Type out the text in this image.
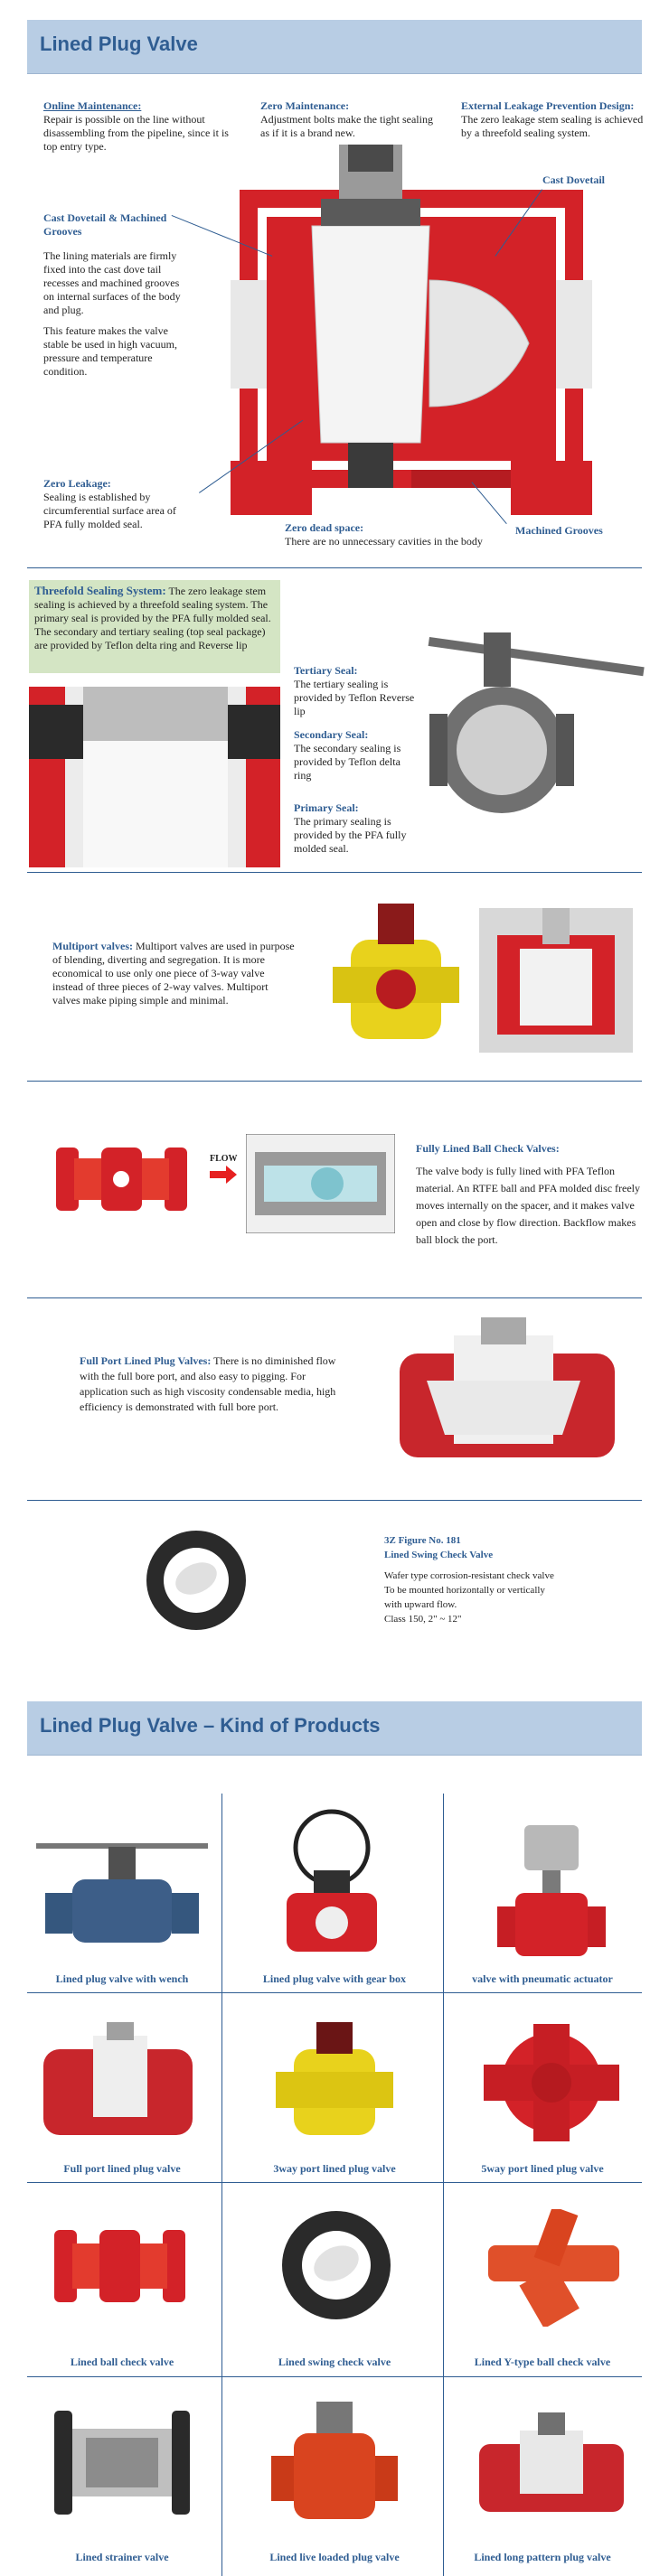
Lined Plug Valve
Online Maintenance:
Repair is possible on the line without disassembling from the pipeline, since it is top entry type.
Zero Maintenance:
Adjustment bolts make the tight sealing as if it is a brand new.
External Leakage Prevention Design:
The zero leakage stem sealing is achieved by a threefold sealing system.
Cast Dovetail
Cast Dovetail & Machined Grooves
The lining materials are firmly fixed into the cast dove tail recesses and machined grooves on internal surfaces of the body and plug.
This feature makes the valve stable be used in high vacuum, pressure and temperature condition.
Zero Leakage:
Sealing is established by circumferential surface area of PFA fully molded seal.	Zero dead space:
There are no unnecessary cavities in the body
Machined Grooves
Threefold Sealing System: The zero leakage stem sealing is achieved by a threefold sealing system. The primary seal is provided by the PFA fully molded seal. The secondary and tertiary sealing (top seal package) are provided by Teflon delta ring and Reverse lip
Tertiary Seal:
The tertiary sealing is provided by Teflon Reverse lip
Secondary Seal:
The secondary sealing is provided by Teflon delta ring
Primary Seal:
The primary sealing is provided by the PFA fully molded seal.
Multiport valves: Multiport valves are used in purpose of blending, diverting and segregation. It is more economical to use only one piece of 3-way valve instead of three pieces of 2-way valves. Multiport valves make piping simple and minimal.
FLOW
Fully Lined Ball Check Valves:
The valve body is fully lined with PFA Teflon material. An RTFE ball and PFA molded disc freely moves internally on the spacer, and it makes valve open and close by flow direction. Backflow makes ball block the port.
Full Port Lined Plug Valves: There is no diminished flow with the full bore port, and also easy to pigging. For application such as high viscosity condensable media, high efficiency is demonstrated with full bore port.
3Z Figure No. 181
Lined Swing Check Valve
Wafer type corrosion-resistant check valve
To be mounted horizontally or vertically
with upward flow.
Class 150, 2" ~ 12"
Lined Plug Valve – Kind of Products
Lined plug valve with wench	Lined plug valve with gear box	valve with pneumatic actuator
Full port lined plug valve	3way port lined plug valve	5way port lined plug valve
Lined ball check valve	Lined swing check valve	Lined Y-type ball check valve
Lined strainer valve	Lined live loaded plug valve	Lined long pattern plug valve
